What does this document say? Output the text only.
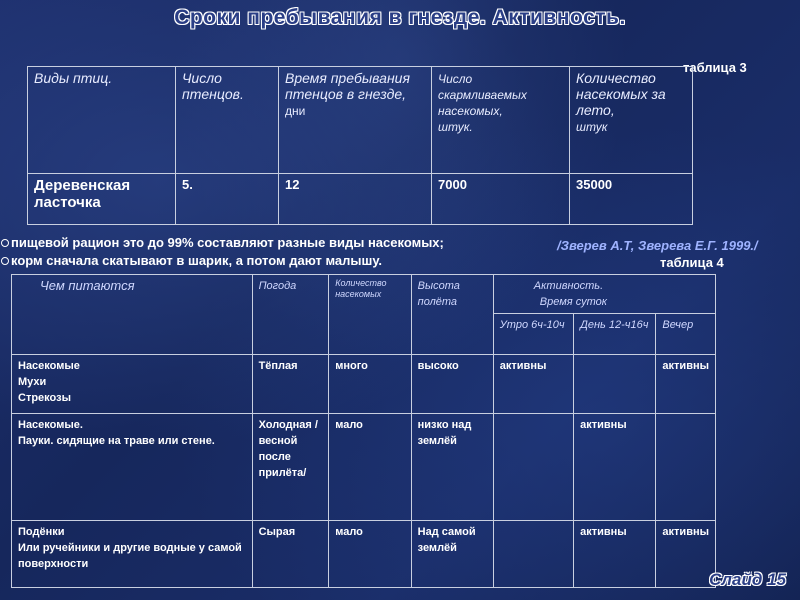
Сроки пребывания в гнезде. Активность.
таблица 3
Виды птиц.	Число птенцов.	Время пребывания птенцов в гнезде,
дни	Число скармливаемых насекомых,
штук.	Количество насекомых за лето,
штук
Деревенская ласточка	5.	12	7000	35000
пищевой рацион это до 99% составляют разные виды насекомых;
корм сначала скатывают в шарик, а потом дают малышу.
/Зверев А.Т, Зверева Е.Г. 1999./
таблица 4
Чем питаются	Погода	Количество насекомых	Высота полёта	Активность.
Время суток		

				Утро 6ч-10ч	День 12-ч16ч	Вечер

Насекомые
Мухи
Стрекозы	Тёплая	много	высоко	активны		активны

Насекомые.
Пауки. сидящие на траве или стене.	Холодная /весной после прилёта/	мало	низко над землёй		активны	

Подёнки
Или ручейники и другие водные у самой поверхности	Сырая	мало	Над самой землёй		активны	активны
Слайд 15
